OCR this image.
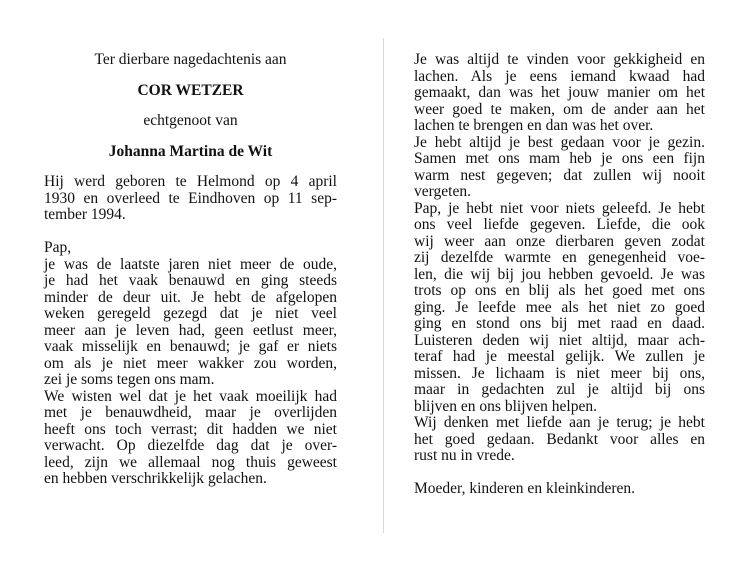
Ter dierbare nagedachtenis aan
COR WETZER
echtgenoot van
Johanna Martina de Wit
Hij werd geboren te Helmond op 4 april
1930 en overleed te Eindhoven op 11 sep-
tember 1994.
Pap,
je was de laatste jaren niet meer de oude,
je had het vaak benauwd en ging steeds
minder de deur uit. Je hebt de afgelopen
weken geregeld gezegd dat je niet veel
meer aan je leven had, geen eetlust meer,
vaak misselijk en benauwd; je gaf er niets
om als je niet meer wakker zou worden,
zei je soms tegen ons mam.
We wisten wel dat je het vaak moeilijk had
met je benauwdheid, maar je overlijden
heeft ons toch verrast; dit hadden we niet
verwacht. Op diezelfde dag dat je over-
leed, zijn we allemaal nog thuis geweest
en hebben verschrikkelijk gelachen.
Je was altijd te vinden voor gekkigheid en
lachen. Als je eens iemand kwaad had
gemaakt, dan was het jouw manier om het
weer goed te maken, om de ander aan het
lachen te brengen en dan was het over.
Je hebt altijd je best gedaan voor je gezin.
Samen met ons mam heb je ons een fijn
warm nest gegeven; dat zullen wij nooit
vergeten.
Pap, je hebt niet voor niets geleefd. Je hebt
ons veel liefde gegeven. Liefde, die ook
wij weer aan onze dierbaren geven zodat
zij dezelfde warmte en genegenheid voe-
len, die wij bij jou hebben gevoeld. Je was
trots op ons en blij als het goed met ons
ging. Je leefde mee als het niet zo goed
ging en stond ons bij met raad en daad.
Luisteren deden wij niet altijd, maar ach-
teraf had je meestal gelijk. We zullen je
missen. Je lichaam is niet meer bij ons,
maar in gedachten zul je altijd bij ons
blijven en ons blijven helpen.
Wij denken met liefde aan je terug; je hebt
het goed gedaan. Bedankt voor alles en
rust nu in vrede.
Moeder, kinderen en kleinkinderen.
